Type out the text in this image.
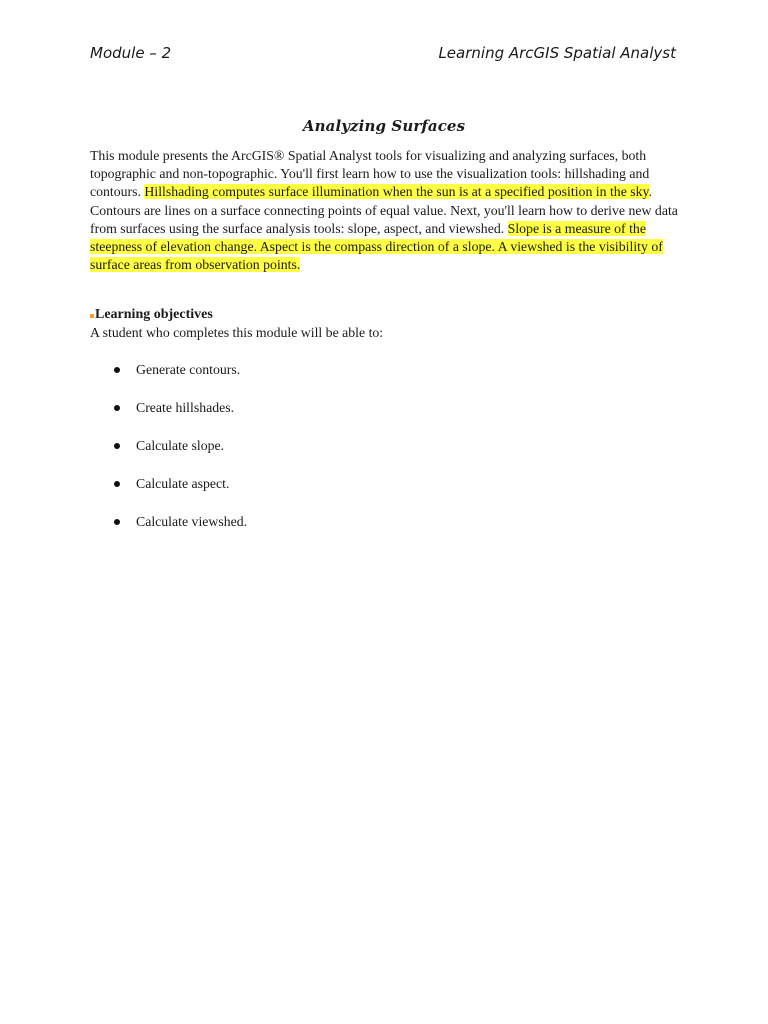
Module – 2	Learning ArcGIS Spatial Analyst
Analyzing Surfaces
This module presents the ArcGIS® Spatial Analyst tools for visualizing and analyzing surfaces, both topographic and non-topographic. You'll first learn how to use the visualization tools: hillshading and contours. Hillshading computes surface illumination when the sun is at a specified position in the sky. Contours are lines on a surface connecting points of equal value. Next, you'll learn how to derive new data from surfaces using the surface analysis tools: slope, aspect, and viewshed. Slope is a measure of the steepness of elevation change. Aspect is the compass direction of a slope. A viewshed is the visibility of surface areas from observation points.
Learning objectives
A student who completes this module will be able to:
Generate contours.
Create hillshades.
Calculate slope.
Calculate aspect.
Calculate viewshed.
